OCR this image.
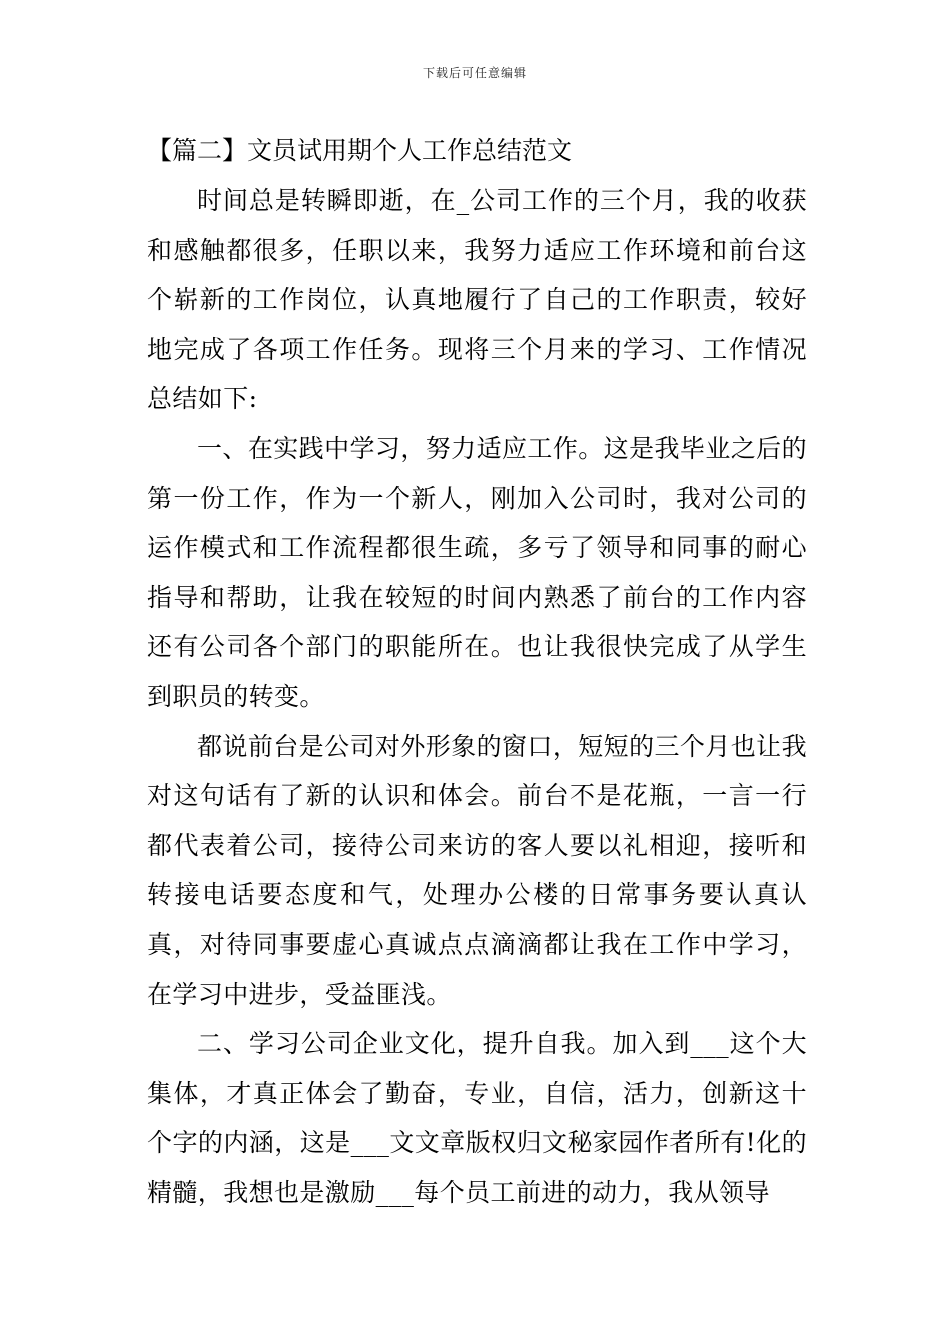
下载后可任意编辑

【篇二】文员试用期个人工作总结范文

时间总是转瞬即逝，在_公司工作的三个月，我的收获和感触都很多，任职以来，我努力适应工作环境和前台这个崭新的工作岗位，认真地履行了自己的工作职责，较好地完成了各项工作任务。现将三个月来的学习、工作情况总结如下:

一、在实践中学习，努力适应工作。这是我毕业之后的第一份工作，作为一个新人，刚加入公司时，我对公司的运作模式和工作流程都很生疏，多亏了领导和同事的耐心指导和帮助，让我在较短的时间内熟悉了前台的工作内容还有公司各个部门的职能所在。也让我很快完成了从学生到职员的转变。

都说前台是公司对外形象的窗口，短短的三个月也让我对这句话有了新的认识和体会。前台不是花瓶，一言一行都代表着公司，接待公司来访的客人要以礼相迎，接听和转接电话要态度和气，处理办公楼的日常事务要认真认真，对待同事要虚心真诚点点滴滴都让我在工作中学习，在学习中进步，受益匪浅。

二、学习公司企业文化，提升自我。加入到___这个大集体，才真正体会了勤奋，专业，自信，活力，创新这十个字的内涵，这是___文文章版权归文秘家园作者所有!化的精髓，我想也是激励___每个员工前进的动力，我从领导
